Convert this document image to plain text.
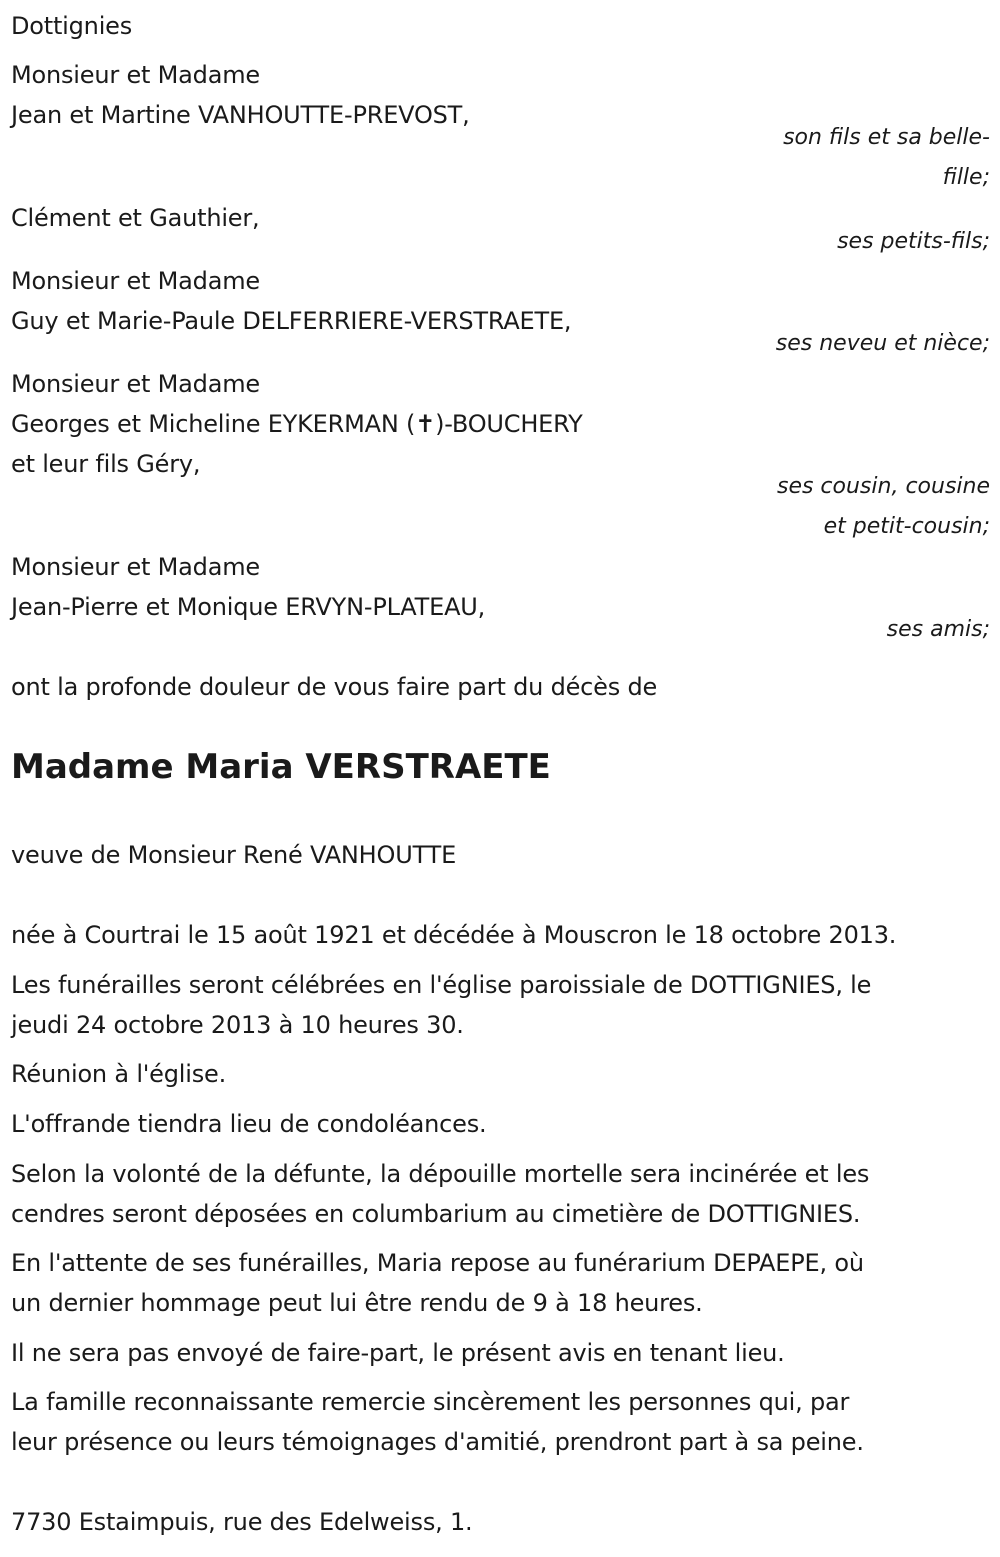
Dottignies
Monsieur et Madame
Jean et Martine VANHOUTTE-PREVOST,
son fils et sa belle-
fille;
Clément et Gauthier,
ses petits-fils;
Monsieur et Madame
Guy et Marie-Paule DELFERRIERE-VERSTRAETE,
ses neveu et nièce;
Monsieur et Madame
Georges et Micheline EYKERMAN (✝)-BOUCHERY
et leur fils Géry,
ses cousin, cousine
et petit-cousin;
Monsieur et Madame
Jean-Pierre et Monique ERVYN-PLATEAU,
ses amis;
ont la profonde douleur de vous faire part du décès de
Madame Maria VERSTRAETE
veuve de Monsieur René VANHOUTTE
née à Courtrai le 15 août 1921 et décédée à Mouscron le 18 octobre 2013.
Les funérailles seront célébrées en l'église paroissiale de DOTTIGNIES, le
jeudi 24 octobre 2013 à 10 heures 30.
Réunion à l'église.
L'offrande tiendra lieu de condoléances.
Selon la volonté de la défunte, la dépouille mortelle sera incinérée et les
cendres seront déposées en columbarium au cimetière de DOTTIGNIES.
En l'attente de ses funérailles, Maria repose au funérarium DEPAEPE, où
un dernier hommage peut lui être rendu de 9 à 18 heures.
Il ne sera pas envoyé de faire-part, le présent avis en tenant lieu.
La famille reconnaissante remercie sincèrement les personnes qui, par
leur présence ou leurs témoignages d'amitié, prendront part à sa peine.
7730 Estaimpuis, rue des Edelweiss, 1.
